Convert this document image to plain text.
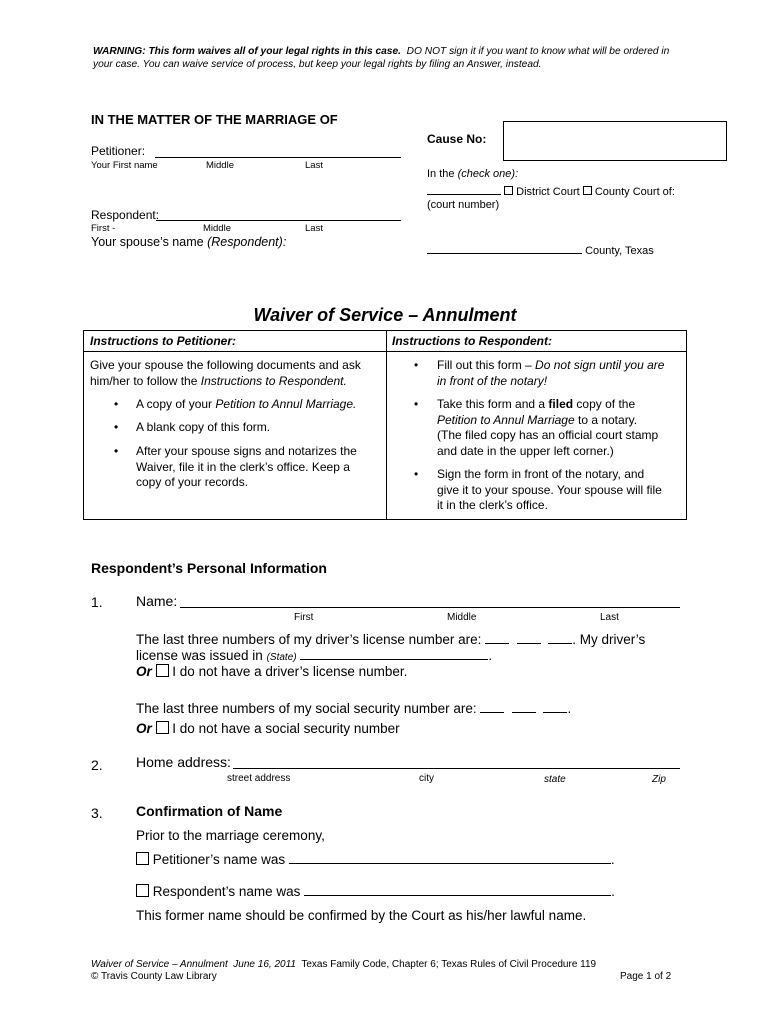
WARNING: This form waives all of your legal rights in this case. DO NOT sign it if you want to know what will be ordered in
your case. You can waive service of process, but keep your legal rights by filing an Answer, instead.
IN THE MATTER OF THE MARRIAGE OF
Petitioner:
Your First name	Middle	Last
Respondent:
First -	Middle	Last
Your spouse’s name (Respondent):
Cause No:
In the (check one):
District Court County Court of:
(court number)
County, Texas
Waiver of Service – Annulment
Instructions to Petitioner:	Instructions to Respondent:
Give your spouse the following documents and ask
him/her to follow the Instructions to Respondent.
• A copy of your Petition to Annul Marriage.
• A blank copy of this form.
• After your spouse signs and notarizes the
Waiver, file it in the clerk’s office. Keep a
copy of your records.
• Fill out this form – Do not sign until you are
in front of the notary!
• Take this form and a filed copy of the
Petition to Annul Marriage to a notary.
(The filed copy has an official court stamp
and date in the upper left corner.)
• Sign the form in front of the notary, and
give it to your spouse. Your spouse will file
it in the clerk’s office.
Respondent’s Personal Information
1. Name:
First	Middle	Last
The last three numbers of my driver’s license number are:	. My driver’s
license was issued in (State)	.
Or I do not have a driver’s license number.
The last three numbers of my social security number are:	.
Or I do not have a social security number
2. Home address:
street address	city	state	Zip
3. Confirmation of Name
Prior to the marriage ceremony,
Petitioner’s name was	.
Respondent’s name was	.
This former name should be confirmed by the Court as his/her lawful name.
Waiver of Service – Annulment June 16, 2011 Texas Family Code, Chapter 6; Texas Rules of Civil Procedure 119
© Travis County Law Library	Page 1 of 2
